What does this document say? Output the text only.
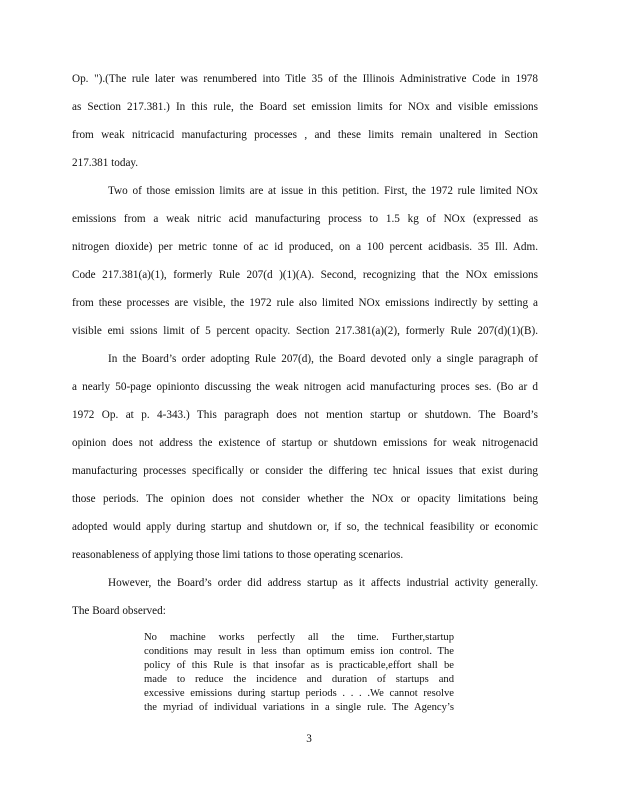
Op. ").(The rule later was renumbered into Title 35 of the Illinois Administrative Code in 1978
as Section 217.381.) In this rule, the Board set emission limits for NOx and visible emissions
from weak nitricacid manufacturing processes , and these limits remain unaltered in Section
217.381 today.
Two of those emission limits are at issue in this petition. First, the 1972 rule limited NOx
emissions from a weak nitric acid manufacturing process to 1.5 kg of NOx (expressed as
nitrogen dioxide) per metric tonne of ac id produced, on a 100 percent acidbasis. 35 Ill. Adm.
Code 217.381(a)(1), formerly Rule 207(d )(1)(A). Second, recognizing that the NOx emissions
from these processes are visible, the 1972 rule also limited NOx emissions indirectly by setting a
visible emi ssions limit of 5 percent opacity. Section 217.381(a)(2), formerly Rule 207(d)(1)(B).
In the Board’s order adopting Rule 207(d), the Board devoted only a single paragraph of
a nearly 50-page opinionto discussing the weak nitrogen acid manufacturing proces ses. (Bo ar d
1972 Op. at p. 4-343.) This paragraph does not mention startup or shutdown. The Board’s
opinion does not address the existence of startup or shutdown emissions for weak nitrogenacid
manufacturing processes specifically or consider the differing tec hnical issues that exist during
those periods. The opinion does not consider whether the NOx or opacity limitations being
adopted would apply during startup and shutdown or, if so, the technical feasibility or economic
reasonableness of applying those limi tations to those operating scenarios.
However, the Board’s order did address startup as it affects industrial activity generally.
The Board observed:
No machine works perfectly all the time. Further,startup
conditions may result in less than optimum emiss ion control. The
policy of this Rule is that insofar as is practicable,effort shall be
made to reduce the incidence and duration of startups and
excessive emissions during startup periods . . . .We cannot resolve
the myriad of individual variations in a single rule. The Agency’s
3
